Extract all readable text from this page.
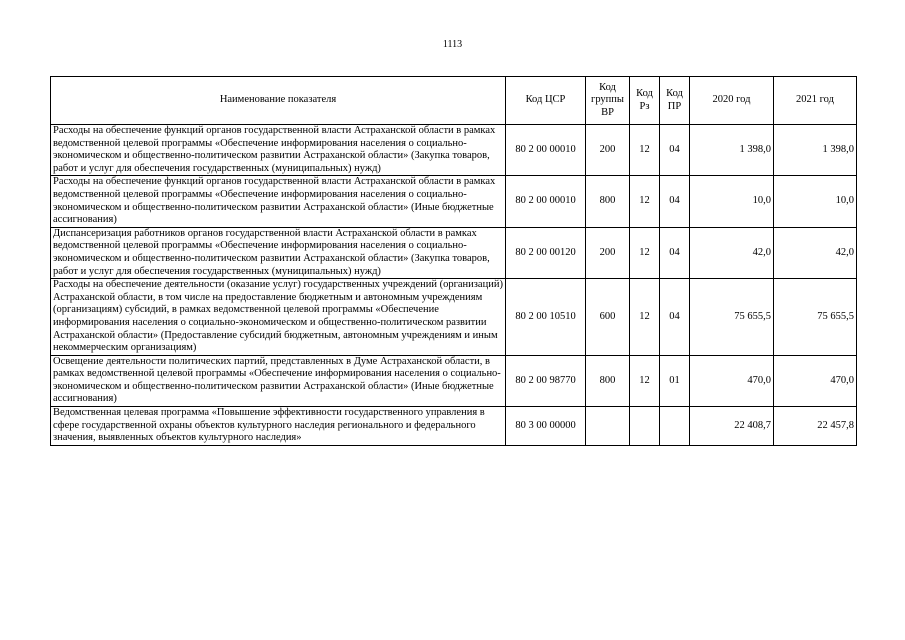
1113
Наименование показателя	Код ЦСР	Код группы ВР	Код Рз	Код ПР	2020 год	2021 год
Расходы на обеспечение функций органов государственной власти Астраханской области в рамках ведомственной целевой программы «Обеспечение информирования населения о социально-экономическом и общественно-политическом развитии Астраханской области» (Закупка товаров, работ и услуг для обеспечения государственных (муниципальных) нужд)	80 2 00 00010	200	12	04	1 398,0	1 398,0
Расходы на обеспечение функций органов государственной власти Астраханской области в рамках ведомственной целевой программы «Обеспечение информирования населения о социально-экономическом и общественно-политическом развитии Астраханской области» (Иные бюджетные ассигнования)	80 2 00 00010	800	12	04	10,0	10,0
Диспансеризация работников органов государственной власти Астраханской области в рамках ведомственной целевой программы «Обеспечение информирования населения о социально-экономическом и общественно-политическом развитии Астраханской области» (Закупка товаров, работ и услуг для обеспечения государственных (муниципальных) нужд)	80 2 00 00120	200	12	04	42,0	42,0
Расходы на обеспечение деятельности (оказание услуг) государственных учреждений (организаций) Астраханской области, в том числе на предоставление бюджетным и автономным учреждениям (организациям) субсидий, в рамках ведомственной целевой программы «Обеспечение информирования населения о социально-экономическом и общественно-политическом развитии Астраханской области» (Предоставление субсидий бюджетным, автономным учреждениям и иным некоммерческим организациям)	80 2 00 10510	600	12	04	75 655,5	75 655,5
Освещение деятельности политических партий, представленных в Думе Астраханской области, в рамках ведомственной целевой программы «Обеспечение информирования населения о социально-экономическом и общественно-политическом развитии Астраханской области» (Иные бюджетные ассигнования)	80 2 00 98770	800	12	01	470,0	470,0
Ведомственная целевая программа «Повышение эффективности государственного управления в сфере государственной охраны объектов культурного наследия регионального и федерального значения, выявленных объектов культурного наследия»	80 3 00 00000				22 408,7	22 457,8
